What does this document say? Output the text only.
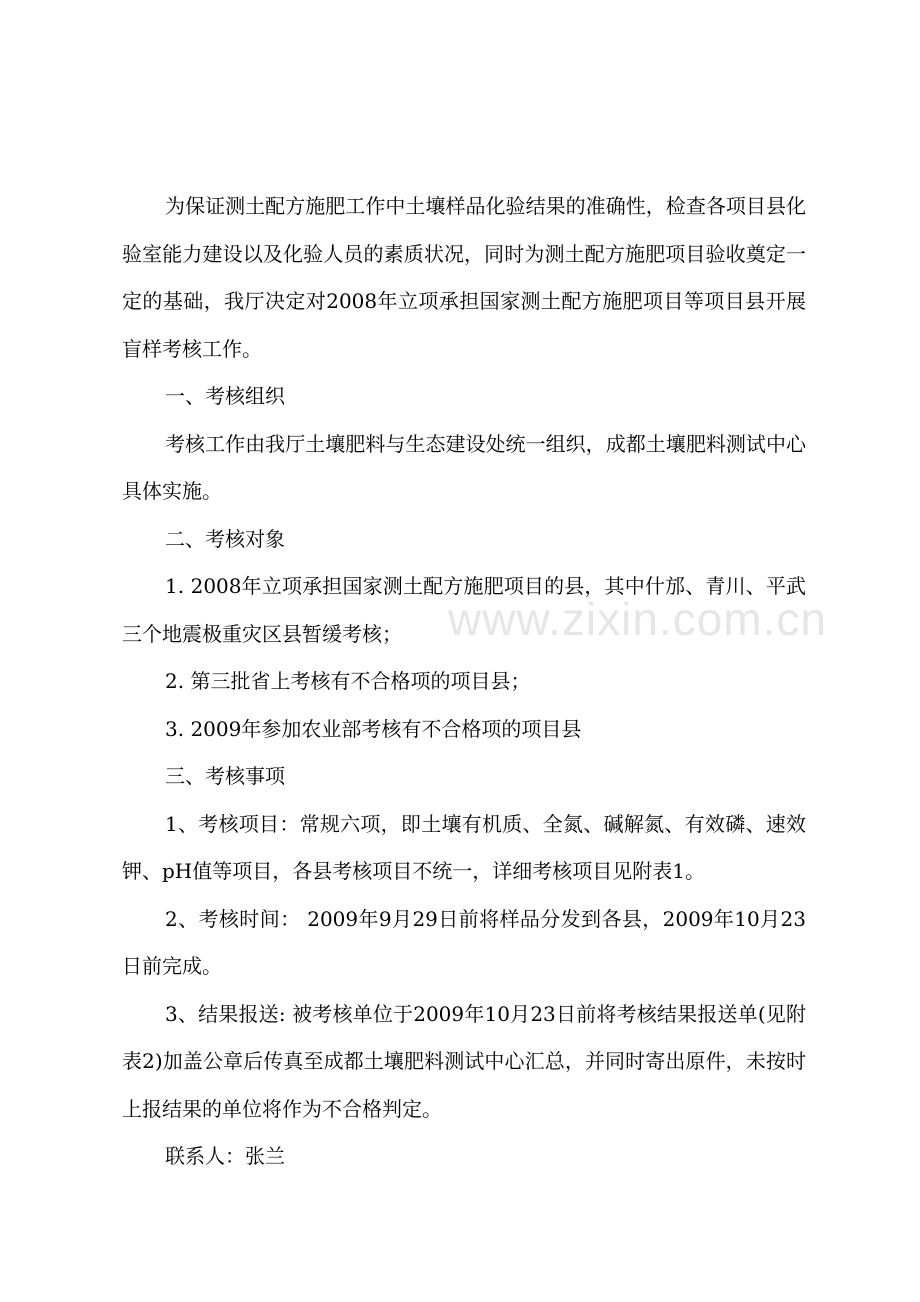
为保证测土配方施肥工作中土壤样品化验结果的准确性，检查各项目县化验室能力建设以及化验人员的素质状况，同时为测土配方施肥项目验收奠定一定的基础，我厅决定对2008年立项承担国家测土配方施肥项目等项目县开展盲样考核工作。

一、考核组织

考核工作由我厅土壤肥料与生态建设处统一组织，成都土壤肥料测试中心具体实施。

二、考核对象

1. 2008年立项承担国家测土配方施肥项目的县，其中什邡、青川、平武三个地震极重灾区县暂缓考核；

2. 第三批省上考核有不合格项的项目县；

3. 2009年参加农业部考核有不合格项的项目县

三、考核事项

1、考核项目：常规六项，即土壤有机质、全氮、碱解氮、有效磷、速效钾、pH值等项目，各县考核项目不统一，详细考核项目见附表1。

2、考核时间： 2009年9月29日前将样品分发到各县，2009年10月23日前完成。

3、结果报送: 被考核单位于2009年10月23日前将考核结果报送单(见附表2)加盖公章后传真至成都土壤肥料测试中心汇总，并同时寄出原件，未按时上报结果的单位将作为不合格判定。

联系人：张兰

www.zixin.com.cn
